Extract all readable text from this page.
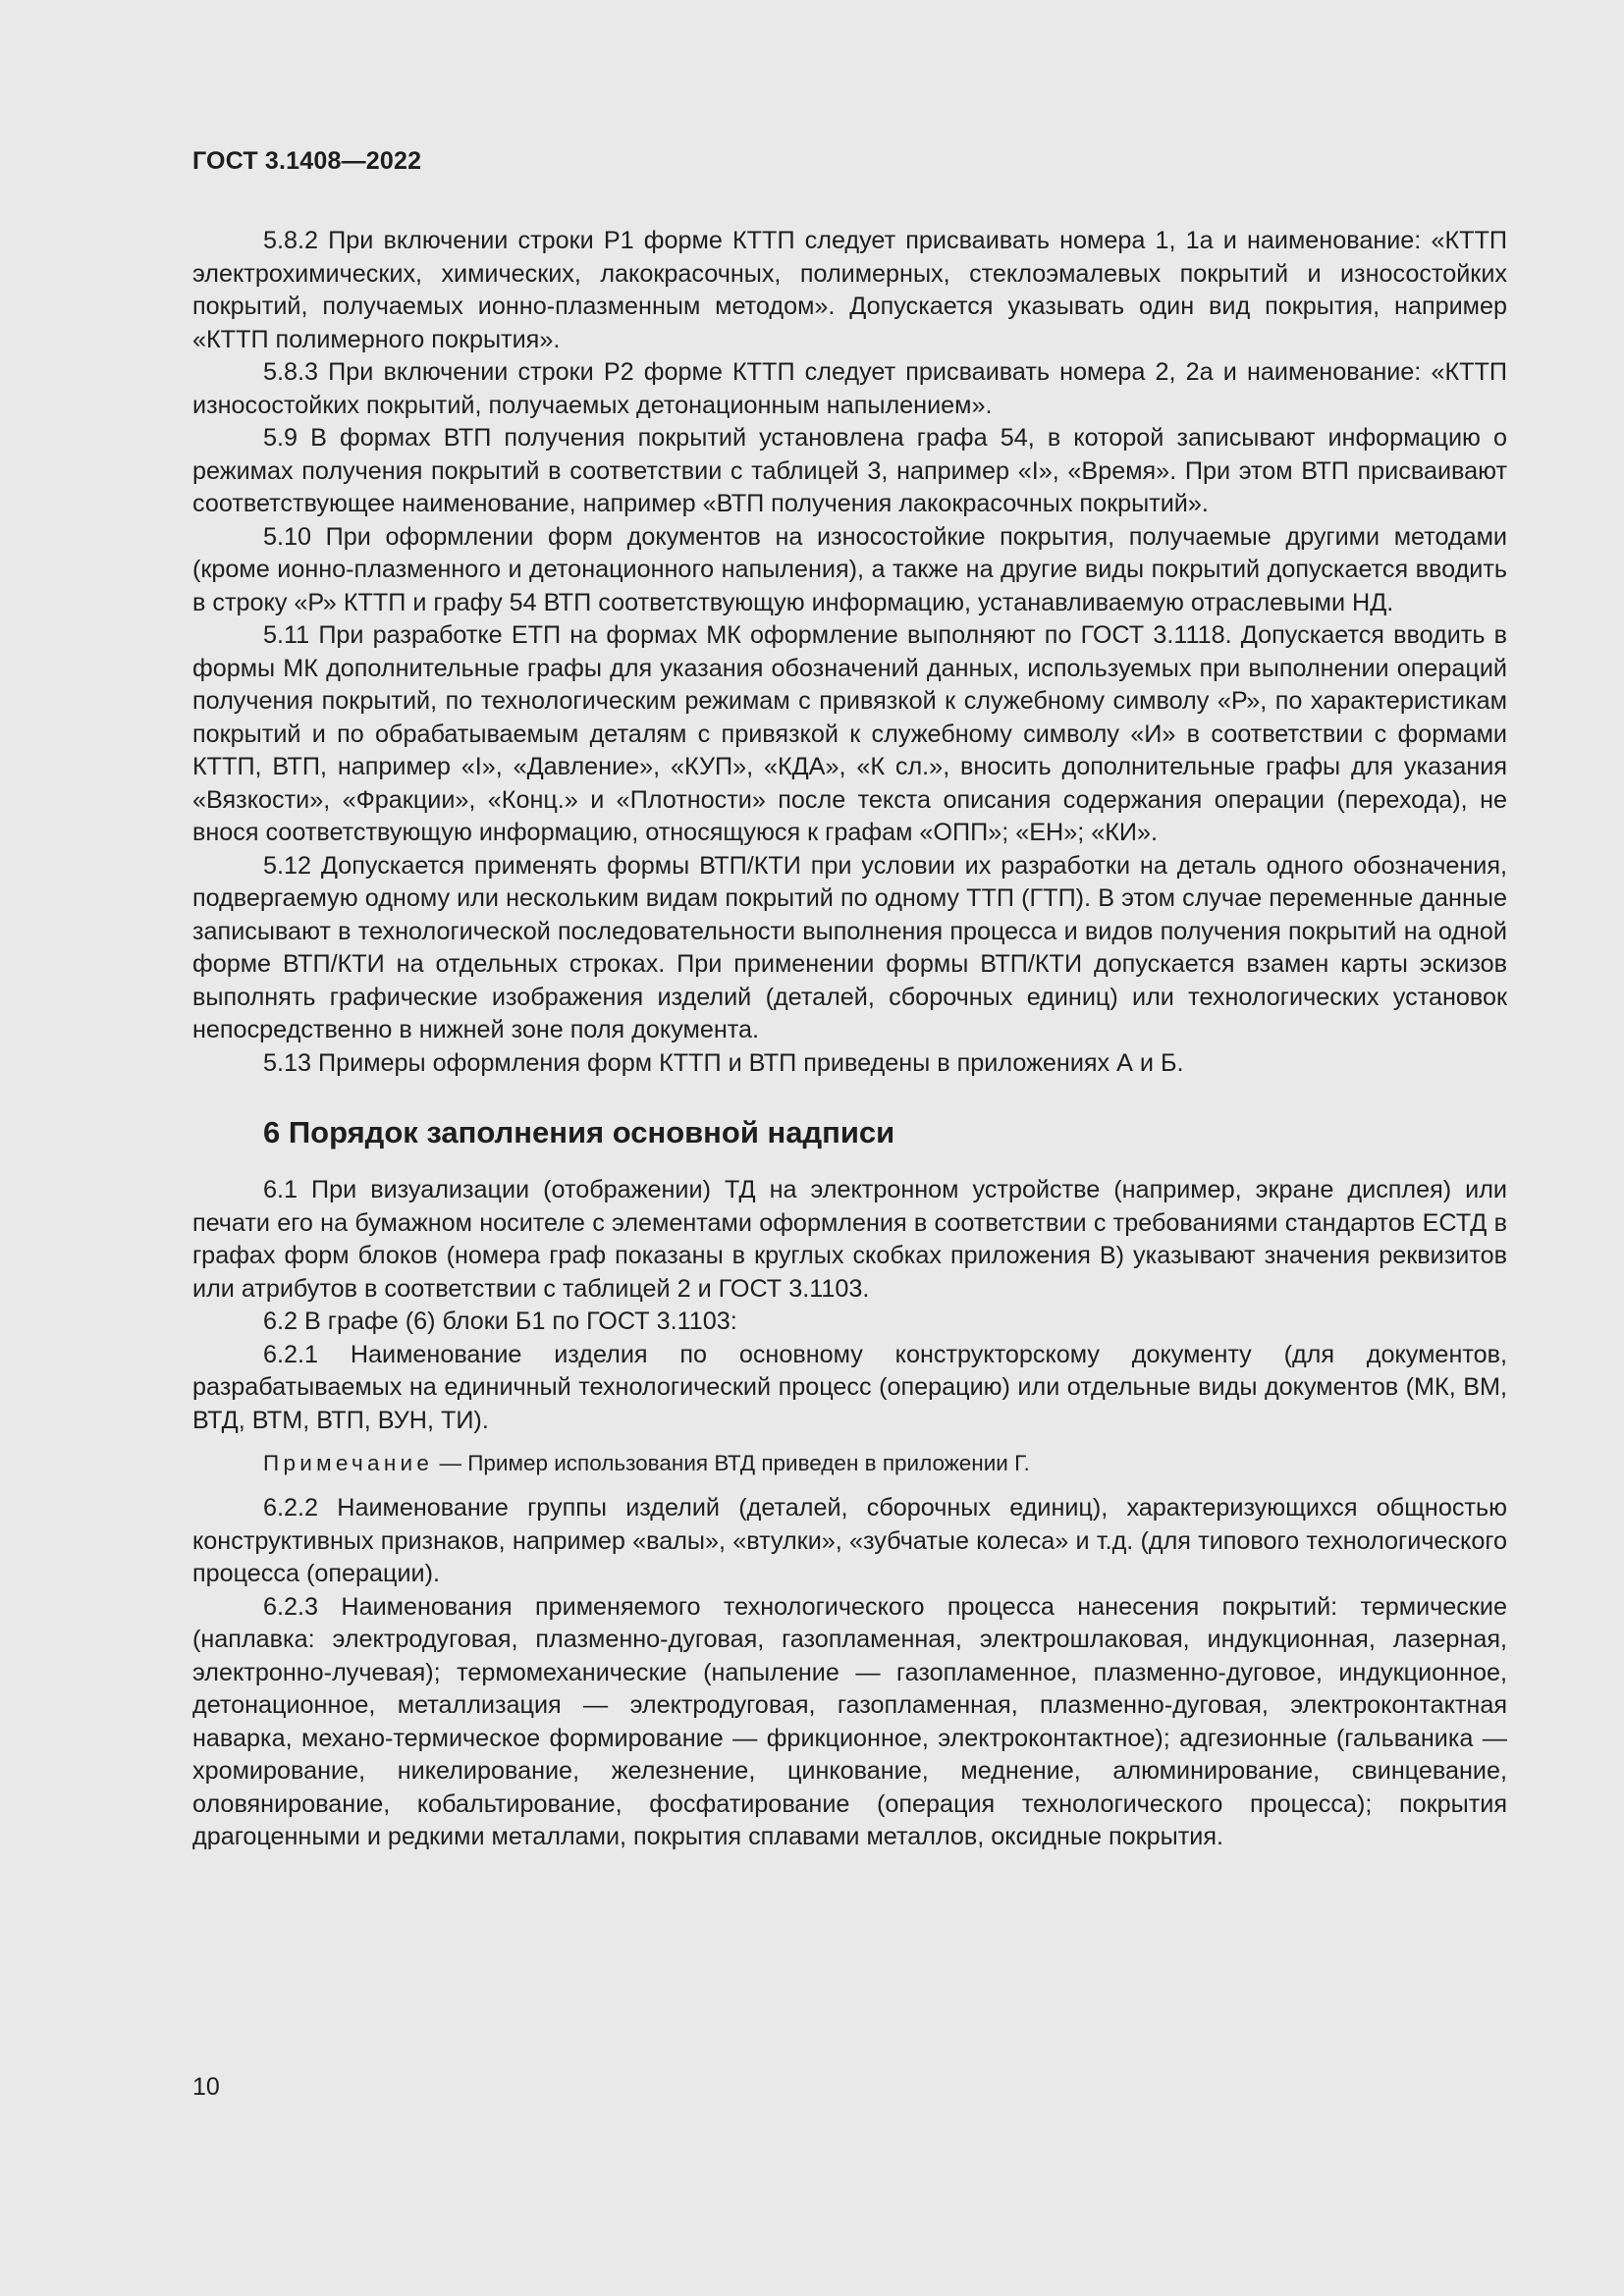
ГОСТ 3.1408—2022

5.8.2 При включении строки Р1 форме КТТП следует присваивать номера 1, 1а и наименование: «КТТП электрохимических, химических, лакокрасочных, полимерных, стеклоэмалевых покрытий и износостойких покрытий, получаемых ионно-плазменным методом». Допускается указывать один вид покрытия, например «КТТП полимерного покрытия».

5.8.3 При включении строки Р2 форме КТТП следует присваивать номера 2, 2а и наименование: «КТТП износостойких покрытий, получаемых детонационным напылением».

5.9 В формах ВТП получения покрытий установлена графа 54, в которой записывают информацию о режимах получения покрытий в соответствии с таблицей 3, например «I», «Время». При этом ВТП присваивают соответствующее наименование, например «ВТП получения лакокрасочных покрытий».

5.10 При оформлении форм документов на износостойкие покрытия, получаемые другими методами (кроме ионно-плазменного и детонационного напыления), а также на другие виды покрытий допускается вводить в строку «Р» КТТП и графу 54 ВТП соответствующую информацию, устанавливаемую отраслевыми НД.

5.11 При разработке ЕТП на формах МК оформление выполняют по ГОСТ 3.1118. Допускается вводить в формы МК дополнительные графы для указания обозначений данных, используемых при выполнении операций получения покрытий, по технологическим режимам с привязкой к служебному символу «Р», по характеристикам покрытий и по обрабатываемым деталям с привязкой к служебному символу «И» в соответствии с формами КТТП, ВТП, например «I», «Давление», «КУП», «КДА», «К сл.», вносить дополнительные графы для указания «Вязкости», «Фракции», «Конц.» и «Плотности» после текста описания содержания операции (перехода), не внося соответствующую информацию, относящуюся к графам «ОПП»; «ЕН»; «КИ».

5.12 Допускается применять формы ВТП/КТИ при условии их разработки на деталь одного обозначения, подвергаемую одному или нескольким видам покрытий по одному ТТП (ГТП). В этом случае переменные данные записывают в технологической последовательности выполнения процесса и видов получения покрытий на одной форме ВТП/КТИ на отдельных строках. При применении формы ВТП/КТИ допускается взамен карты эскизов выполнять графические изображения изделий (деталей, сборочных единиц) или технологических установок непосредственно в нижней зоне поля документа.

5.13 Примеры оформления форм КТТП и ВТП приведены в приложениях А и Б.

6 Порядок заполнения основной надписи

6.1 При визуализации (отображении) ТД на электронном устройстве (например, экране дисплея) или печати его на бумажном носителе с элементами оформления в соответствии с требованиями стандартов ЕСТД в графах форм блоков (номера граф показаны в круглых скобках приложения В) указывают значения реквизитов или атрибутов в соответствии с таблицей 2 и ГОСТ 3.1103.

6.2 В графе (6) блоки Б1 по ГОСТ 3.1103:

6.2.1 Наименование изделия по основному конструкторскому документу (для документов, разрабатываемых на единичный технологический процесс (операцию) или отдельные виды документов (МК, ВМ, ВТД, ВТМ, ВТП, ВУН, ТИ).

Примечание — Пример использования ВТД приведен в приложении Г.

6.2.2 Наименование группы изделий (деталей, сборочных единиц), характеризующихся общностью конструктивных признаков, например «валы», «втулки», «зубчатые колеса» и т.д. (для типового технологического процесса (операции).

6.2.3 Наименования применяемого технологического процесса нанесения покрытий: термические (наплавка: электродуговая, плазменно-дуговая, газопламенная, электрошлаковая, индукционная, лазерная, электронно-лучевая); термомеханические (напыление — газопламенное, плазменно-дуговое, индукционное, детонационное, металлизация — электродуговая, газопламенная, плазменно-дуговая, электроконтактная наварка, механо-термическое формирование — фрикционное, электроконтактное); адгезионные (гальваника — хромирование, никелирование, железнение, цинкование, меднение, алюминирование, свинцевание, оловянирование, кобальтирование, фосфатирование (операция технологического процесса); покрытия драгоценными и редкими металлами, покрытия сплавами металлов, оксидные покрытия.

10
